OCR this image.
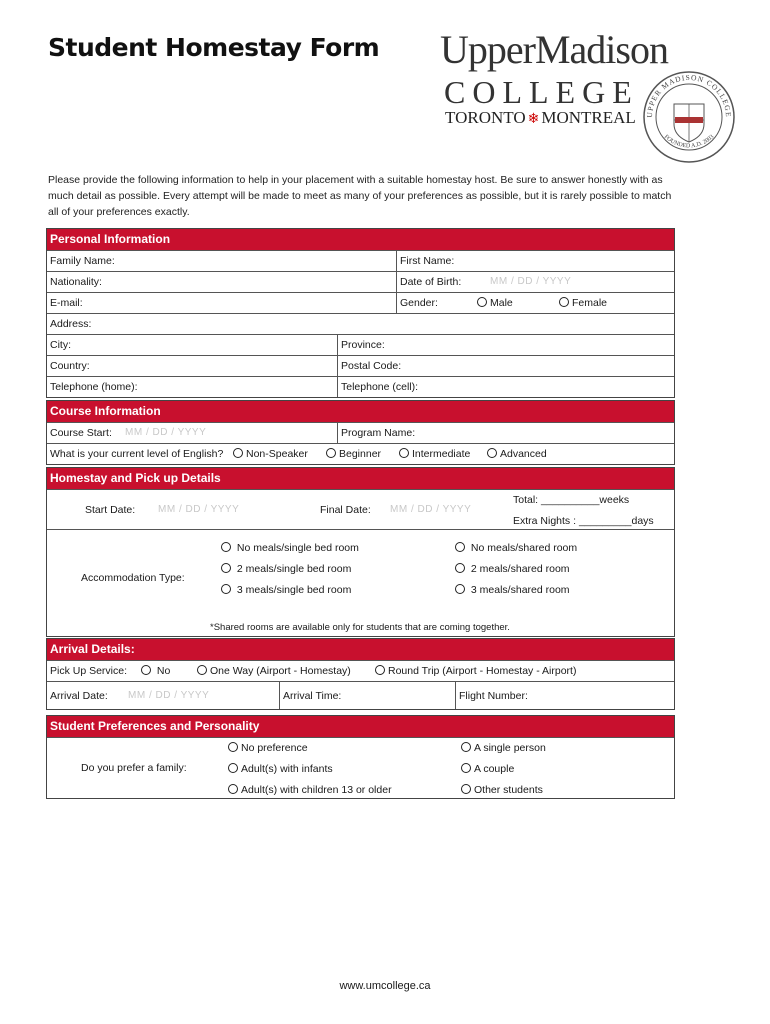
Student Homestay Form UpperMadison
COLLEGE
TORONTO ❄ MONTREAL UPPER MADISON COLLEGE
FOUNDED A.D. 2003
Please provide the following information to help in your placement with a suitable homestay host. Be sure to answer honestly with as much detail as possible. Every attempt will be made to meet as many of your preferences as possible, but it is rarely possible to match all of your preferences exactly.
Personal Information
Family Name:	First Name:
Nationality:	Date of Birth:	MM / DD / YYYY
E-mail:	Gender:	Male	Female
Address:
City:	Province:
Country:	Postal Code:
Telephone (home):	Telephone (cell):
Course Information
Course Start: MM / DD / YYYY	Program Name:
What is your current level of English?	Non-Speaker	Beginner	Intermediate	Advanced
Homestay and Pick up Details
Start Date: MM / DD / YYYY	Final Date: MM / DD / YYYY
Total: __________weeks
Extra Nights : _________days
Accommodation Type:
No meals/single bed room
2 meals/single bed room
3 meals/single bed room
No meals/shared room
2 meals/shared room
3 meals/shared room
*Shared rooms are available only for students that are coming together.
Arrival Details:
Pick Up Service:	No	One Way (Airport - Homestay)	Round Trip (Airport - Homestay - Airport)
Arrival Date: MM / DD / YYYY	Arrival Time:	Flight Number:
Student Preferences and Personality
Do you prefer a family:
No preference
Adult(s) with infants
Adult(s) with children 13 or older
A single person
A couple
Other students
www.umcollege.ca
